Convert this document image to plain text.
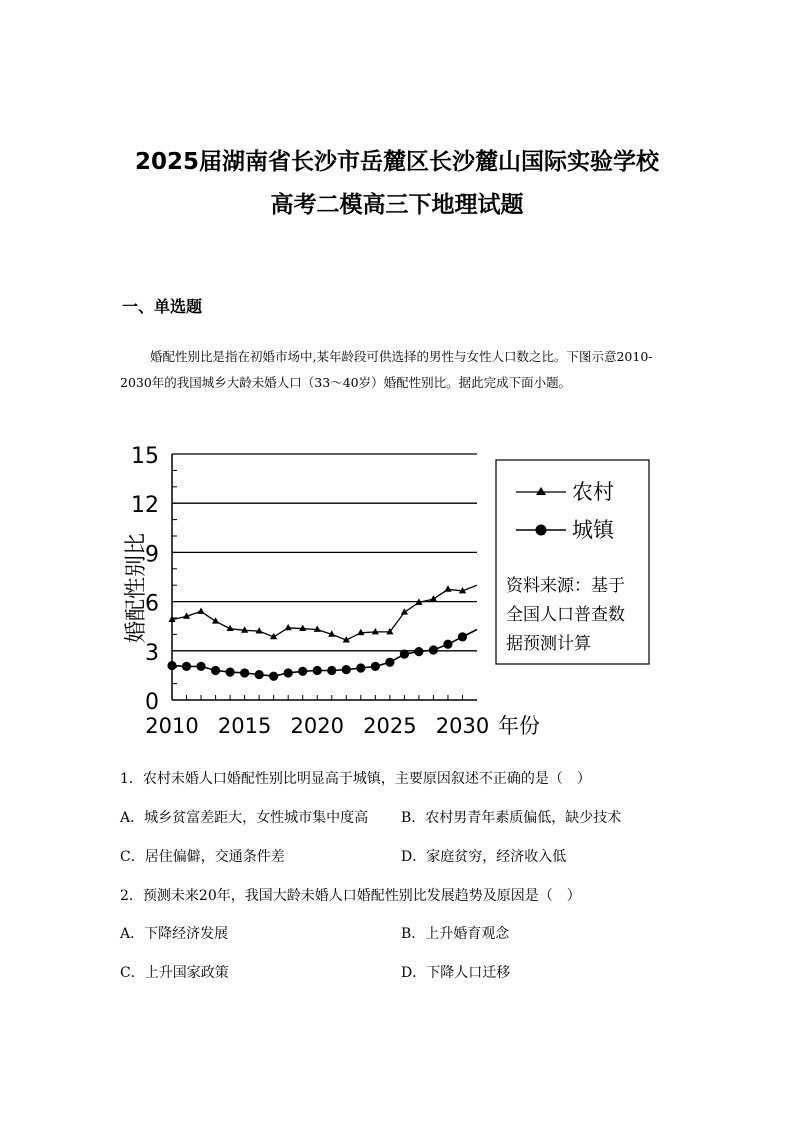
2025届湖南省长沙市岳麓区长沙麓山国际实验学校
高考二模高三下地理试题
一、单选题
婚配性别比是指在初婚市场中,某年龄段可供选择的男性与女性人口数之比。下图示意2010-2030年的我国城乡大龄未婚人口（33～40岁）婚配性别比。据此完成下面小题。
0
3
6
9
12
15
2010 2015 2020 2025 2030
婚配性别比
年份
农村
城镇
资料来源：基于
全国人口普查数
据预测计算
1．农村未婚人口婚配性别比明显高于城镇，主要原因叙述不正确的是（　）
A．城乡贫富差距大，女性城市集中度高 B．农村男青年素质偏低，缺少技术
C．居住偏僻，交通条件差	D．家庭贫穷，经济收入低
2．预测未来20年，我国大龄未婚人口婚配性别比发展趋势及原因是（　）
A．下降经济发展	B．上升婚育观念
C．上升国家政策	D．下降人口迁移
